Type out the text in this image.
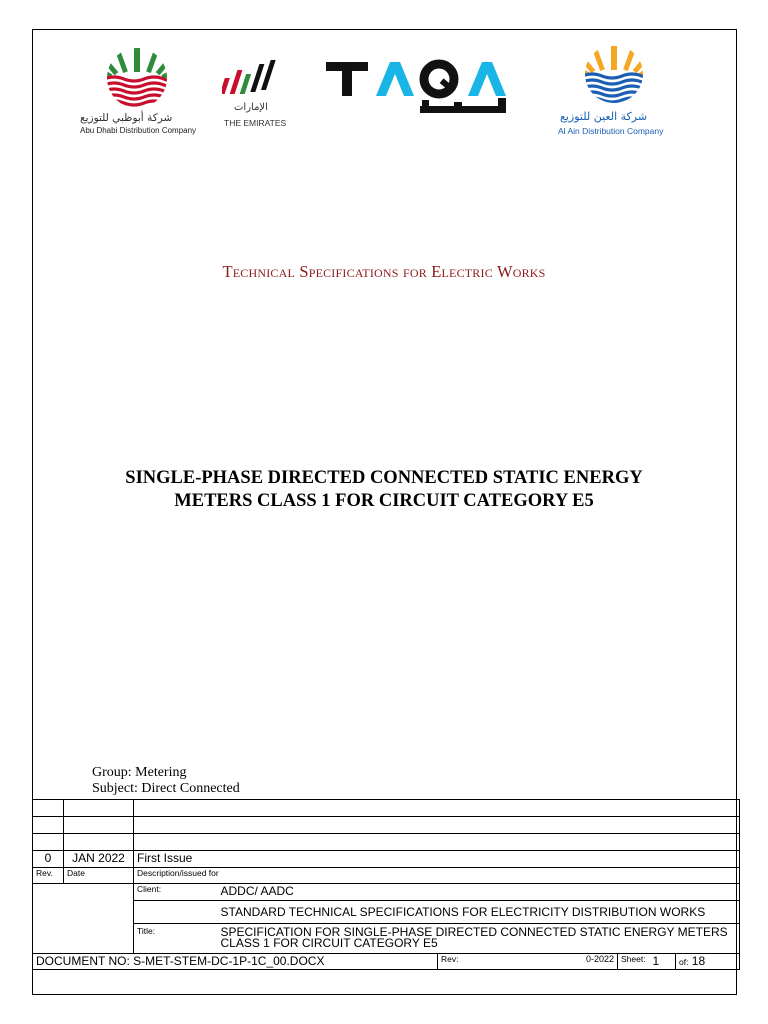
شركة أبوظبي للتوزيع
Abu Dhabi Distribution Company
الإمارات
THE EMIRATES	شركة العين للتوزيع
Al Ain Distribution Company
Technical Specifications for Electric Works
SINGLE-PHASE DIRECTED CONNECTED STATIC ENERGY
METERS CLASS 1 FOR CIRCUIT CATEGORY E5
Group: Metering
Subject: Direct Connected

0	JAN 2022	First Issue						
Rev.	Date	Description/issued for						
		Client:	ADDC/ AADC					
			STANDARD TECHNICAL SPECIFICATIONS FOR ELECTRICITY DISTRIBUTION WORKS					
		Title:	SPECIFICATION FOR SINGLE-PHASE DIRECTED CONNECTED STATIC ENERGY METERS CLASS 1 FOR CIRCUIT CATEGORY E5					
DOCUMENT NO: S-MET-STEM-DC-1P-1C_00.DOCX				Rev:	0-2022	Sheet:	1	of: 18
